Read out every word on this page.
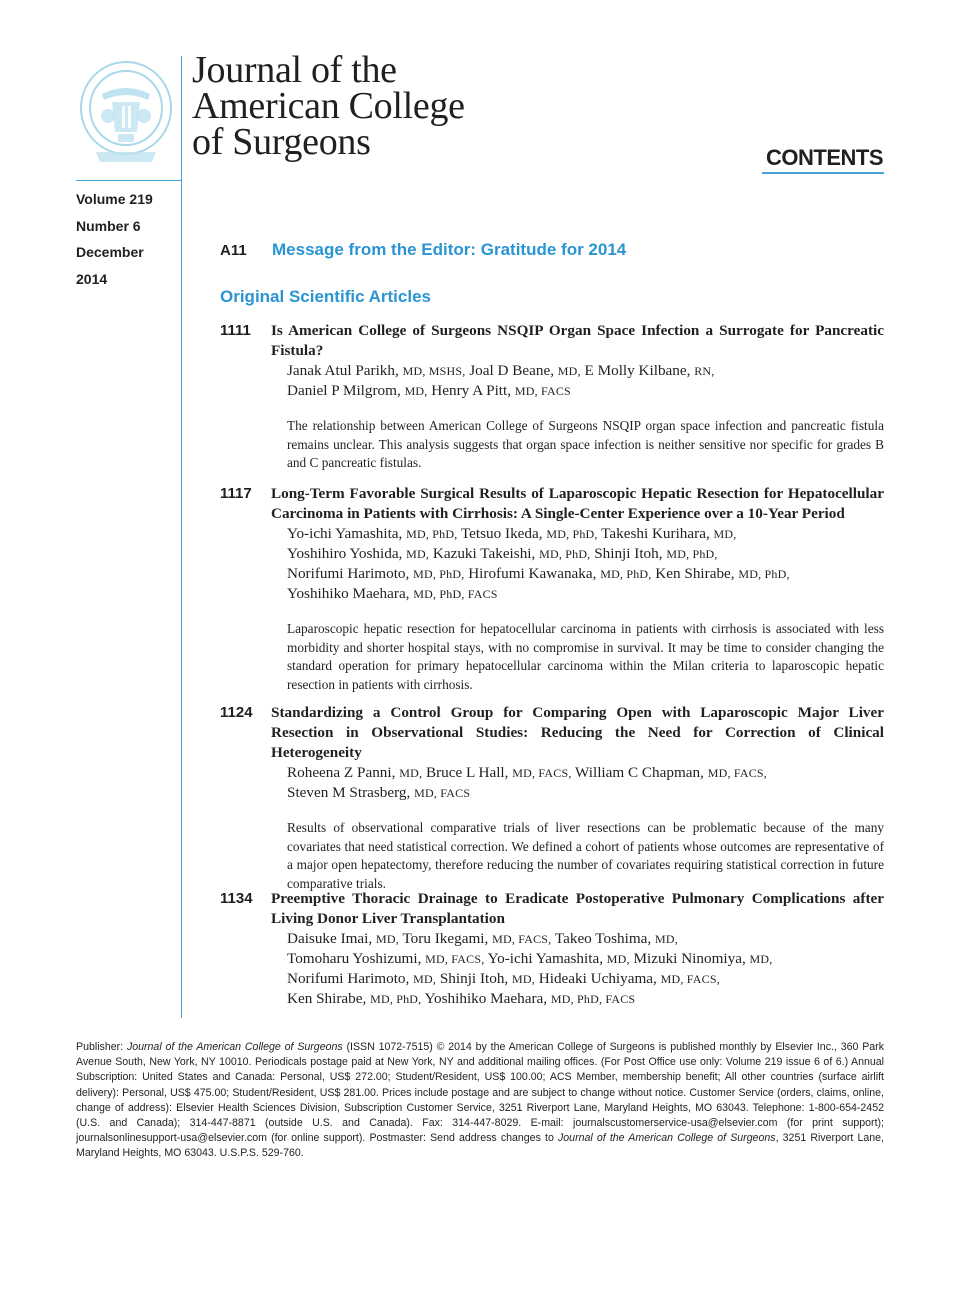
Journal of the
American College
of Surgeons	CONTENTS
Volume 219
Number 6
December
2014
A11 Message from the Editor: Gratitude for 2014
Original Scientific Articles
1111 Is American College of Surgeons NSQIP Organ Space Infection a Surrogate for Pancreatic Fistula?
Janak Atul Parikh, MD, MSHS, Joal D Beane, MD, E Molly Kilbane, RN,
Daniel P Milgrom, MD, Henry A Pitt, MD, FACS
The relationship between American College of Surgeons NSQIP organ space infection and pancreatic fistula remains unclear. This analysis suggests that organ space infection is neither sensitive nor specific for grades B and C pancreatic fistulas.
1117 Long-Term Favorable Surgical Results of Laparoscopic Hepatic Resection for Hepatocellular Carcinoma in Patients with Cirrhosis: A Single-Center Experience over a 10-Year Period
Yo-ichi Yamashita, MD, PhD, Tetsuo Ikeda, MD, PhD, Takeshi Kurihara, MD,
Yoshihiro Yoshida, MD, Kazuki Takeishi, MD, PhD, Shinji Itoh, MD, PhD,
Norifumi Harimoto, MD, PhD, Hirofumi Kawanaka, MD, PhD, Ken Shirabe, MD, PhD,
Yoshihiko Maehara, MD, PhD, FACS
Laparoscopic hepatic resection for hepatocellular carcinoma in patients with cirrhosis is associated with less morbidity and shorter hospital stays, with no compromise in survival. It may be time to consider changing the standard operation for primary hepatocellular carcinoma within the Milan criteria to laparoscopic hepatic resection in patients with cirrhosis.
1124 Standardizing a Control Group for Comparing Open with Laparoscopic Major Liver Resection in Observational Studies: Reducing the Need for Correction of Clinical Heterogeneity
Roheena Z Panni, MD, Bruce L Hall, MD, FACS, William C Chapman, MD, FACS,
Steven M Strasberg, MD, FACS
Results of observational comparative trials of liver resections can be problematic because of the many covariates that need statistical correction. We defined a cohort of patients whose outcomes are representative of a major open hepatectomy, therefore reducing the number of covariates requiring statistical correction in future comparative trials.
1134 Preemptive Thoracic Drainage to Eradicate Postoperative Pulmonary Complications after Living Donor Liver Transplantation
Daisuke Imai, MD, Toru Ikegami, MD, FACS, Takeo Toshima, MD,
Tomoharu Yoshizumi, MD, FACS, Yo-ichi Yamashita, MD, Mizuki Ninomiya, MD,
Norifumi Harimoto, MD, Shinji Itoh, MD, Hideaki Uchiyama, MD, FACS,
Ken Shirabe, MD, PhD, Yoshihiko Maehara, MD, PhD, FACS
Publisher: Journal of the American College of Surgeons (ISSN 1072-7515) © 2014 by the American College of Surgeons is published monthly by Elsevier Inc., 360 Park Avenue South, New York, NY 10010. Periodicals postage paid at New York, NY and additional mailing offices. (For Post Office use only: Volume 219 issue 6 of 6.) Annual Subscription: United States and Canada: Personal, US$ 272.00; Student/Resident, US$ 100.00; ACS Member, membership benefit; All other countries (surface airlift delivery): Personal, US$ 475.00; Student/Resident, US$ 281.00. Prices include postage and are subject to change without notice. Customer Service (orders, claims, online, change of address): Elsevier Health Sciences Division, Subscription Customer Service, 3251 Riverport Lane, Maryland Heights, MO 63043. Telephone: 1-800-654-2452 (U.S. and Canada); 314-447-8871 (outside U.S. and Canada). Fax: 314-447-8029. E-mail: journalscustomerservice-usa@elsevier.com (for print support); journalsonlinesupport-usa@elsevier.com (for online support). Postmaster: Send address changes to Journal of the American College of Surgeons, 3251 Riverport Lane, Maryland Heights, MO 63043. U.S.P.S. 529-760.
